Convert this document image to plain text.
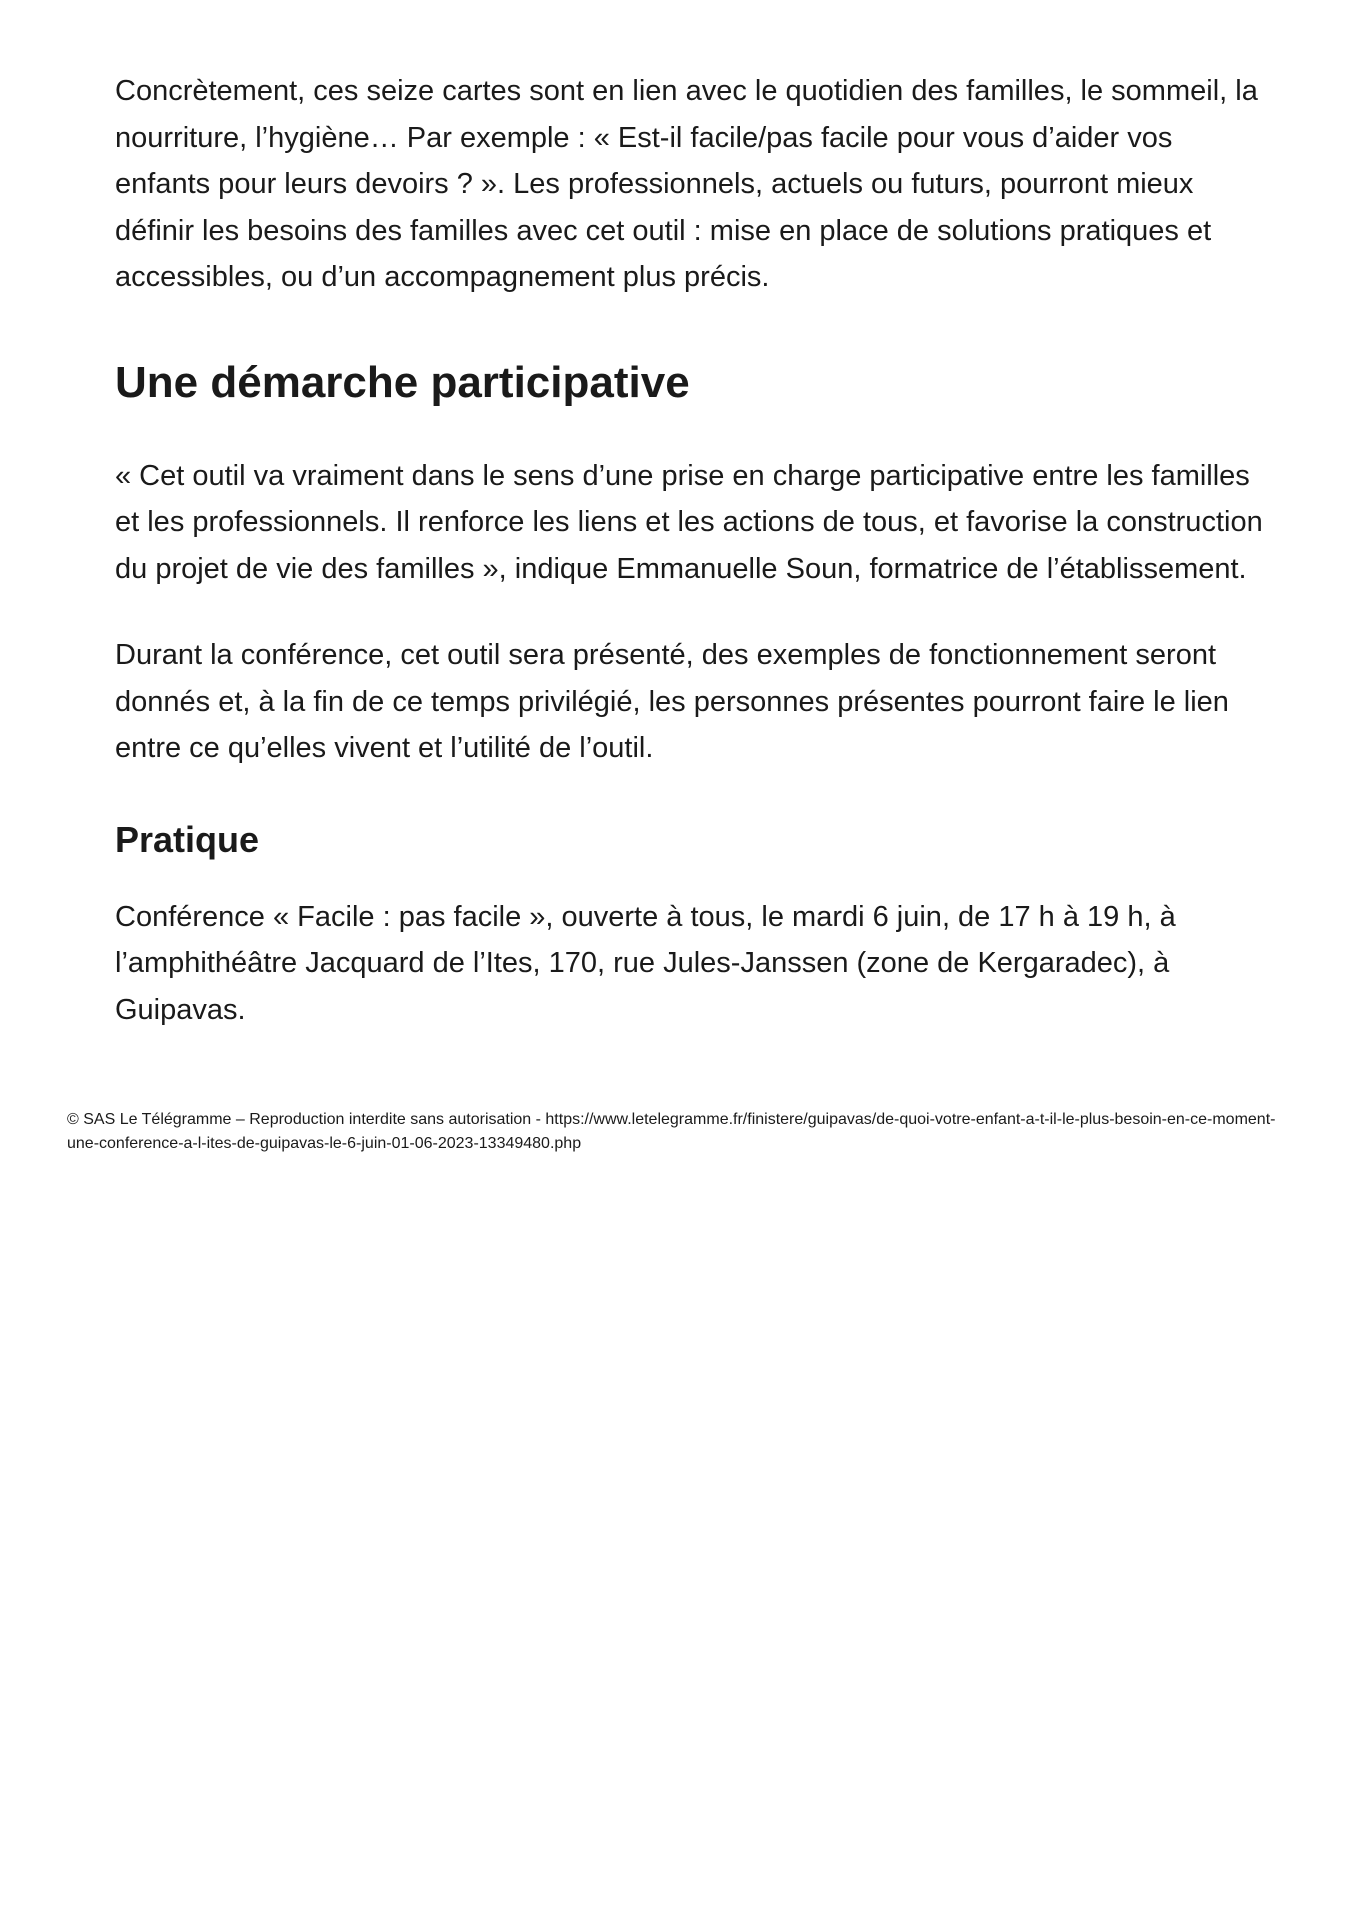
Concrètement, ces seize cartes sont en lien avec le quotidien des familles, le sommeil, la nourriture, l’hygiène… Par exemple : « Est-il facile/pas facile pour vous d’aider vos enfants pour leurs devoirs ? ». Les professionnels, actuels ou futurs, pourront mieux définir les besoins des familles avec cet outil : mise en place de solutions pratiques et accessibles, ou d’un accompagnement plus précis.

Une démarche participative

« Cet outil va vraiment dans le sens d’une prise en charge participative entre les familles et les professionnels. Il renforce les liens et les actions de tous, et favorise la construction du projet de vie des familles », indique Emmanuelle Soun, formatrice de l’établissement.

Durant la conférence, cet outil sera présenté, des exemples de fonctionnement seront donnés et, à la fin de ce temps privilégié, les personnes présentes pourront faire le lien entre ce qu’elles vivent et l’utilité de l’outil.

Pratique

Conférence « Facile : pas facile », ouverte à tous, le mardi 6 juin, de 17 h à 19 h, à l’amphithéâtre Jacquard de l’Ites, 170, rue Jules-Janssen (zone de Kergaradec), à Guipavas.

© SAS Le Télégramme – Reproduction interdite sans autorisation - https://www.letelegramme.fr/finistere/guipavas/de-quoi-votre-enfant-a-t-il-le-plus-besoin-en-ce-moment-une-conference-a-l-ites-de-guipavas-le-6-juin-01-06-2023-13349480.php
